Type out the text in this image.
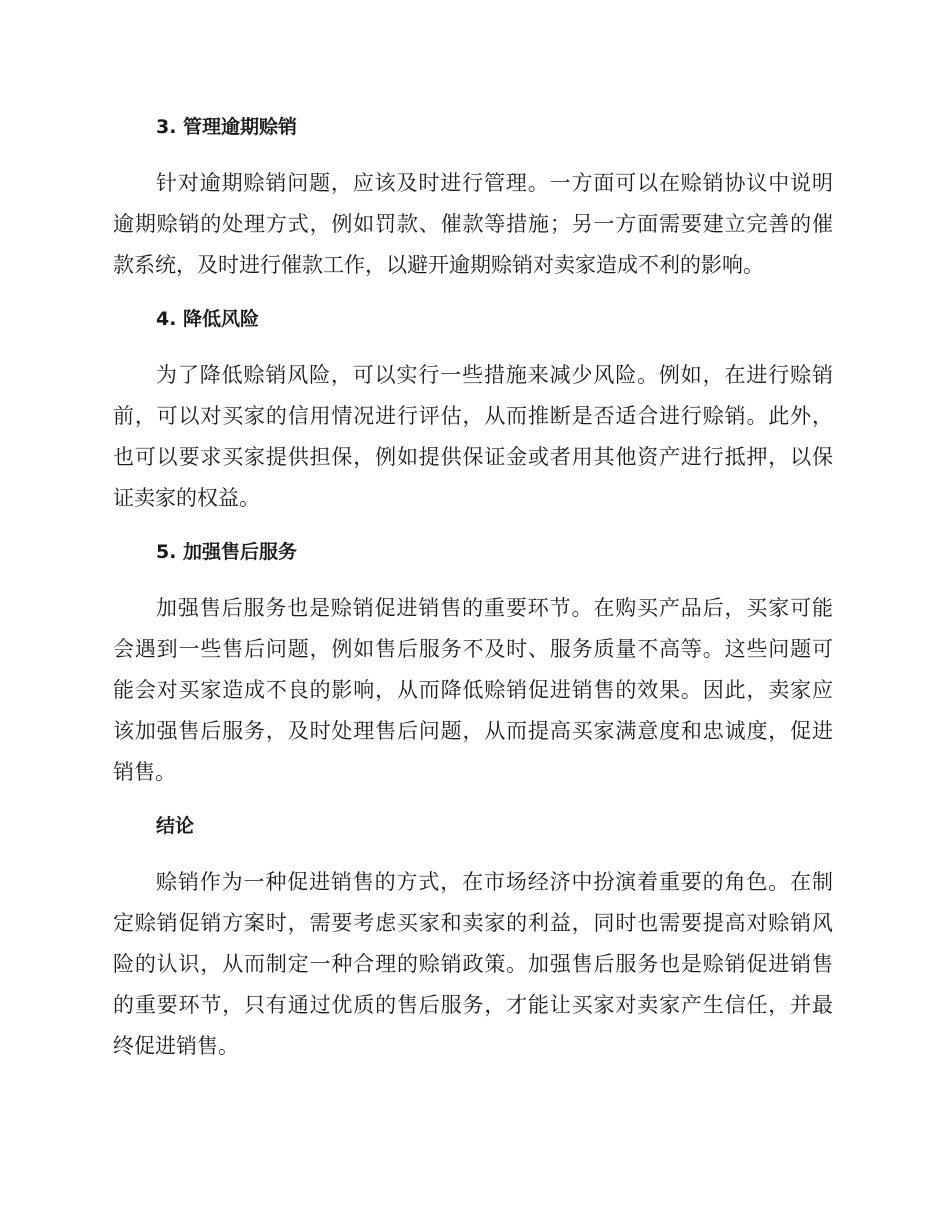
3. 管理逾期赊销

针对逾期赊销问题，应该及时进行管理。一方面可以在赊销协议中说明
逾期赊销的处理方式，例如罚款、催款等措施；另一方面需要建立完善的催
款系统，及时进行催款工作，以避开逾期赊销对卖家造成不利的影响。

4. 降低风险

为了降低赊销风险，可以实行一些措施来减少风险。例如，在进行赊销
前，可以对买家的信用情况进行评估，从而推断是否适合进行赊销。此外，
也可以要求买家提供担保，例如提供保证金或者用其他资产进行抵押，以保
证卖家的权益。

5. 加强售后服务

加强售后服务也是赊销促进销售的重要环节。在购买产品后，买家可能
会遇到一些售后问题，例如售后服务不及时、服务质量不高等。这些问题可
能会对买家造成不良的影响，从而降低赊销促进销售的效果。因此，卖家应
该加强售后服务，及时处理售后问题，从而提高买家满意度和忠诚度，促进
销售。

结论

赊销作为一种促进销售的方式，在市场经济中扮演着重要的角色。在制
定赊销促销方案时，需要考虑买家和卖家的利益，同时也需要提高对赊销风
险的认识，从而制定一种合理的赊销政策。加强售后服务也是赊销促进销售
的重要环节，只有通过优质的售后服务，才能让买家对卖家产生信任，并最
终促进销售。
